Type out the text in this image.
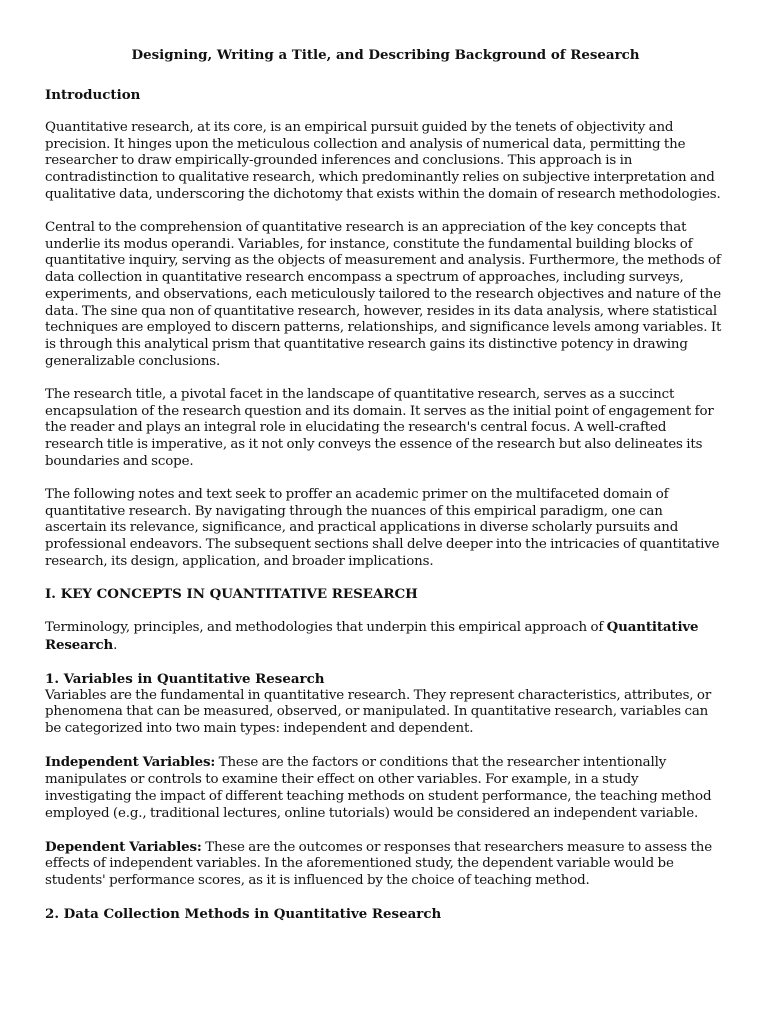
Designing, Writing a Title, and Describing Background of Research
Introduction

Quantitative research, at its core, is an empirical pursuit guided by the tenets of objectivity and precision. It hinges upon the meticulous collection and analysis of numerical data, permitting the researcher to draw empirically-grounded inferences and conclusions. This approach is in contradistinction to qualitative research, which predominantly relies on subjective interpretation and qualitative data, underscoring the dichotomy that exists within the domain of research methodologies.

Central to the comprehension of quantitative research is an appreciation of the key concepts that underlie its modus operandi. Variables, for instance, constitute the fundamental building blocks of quantitative inquiry, serving as the objects of measurement and analysis. Furthermore, the methods of data collection in quantitative research encompass a spectrum of approaches, including surveys, experiments, and observations, each meticulously tailored to the research objectives and nature of the data. The sine qua non of quantitative research, however, resides in its data analysis, where statistical techniques are employed to discern patterns, relationships, and significance levels among variables. It is through this analytical prism that quantitative research gains its distinctive potency in drawing generalizable conclusions.

The research title, a pivotal facet in the landscape of quantitative research, serves as a succinct encapsulation of the research question and its domain. It serves as the initial point of engagement for the reader and plays an integral role in elucidating the research's central focus. A well-crafted research title is imperative, as it not only conveys the essence of the research but also delineates its boundaries and scope.

The following notes and text seek to proffer an academic primer on the multifaceted domain of quantitative research. By navigating through the nuances of this empirical paradigm, one can ascertain its relevance, significance, and practical applications in diverse scholarly pursuits and professional endeavors. The subsequent sections shall delve deeper into the intricacies of quantitative research, its design, application, and broader implications.

I. KEY CONCEPTS IN QUANTITATIVE RESEARCH

Terminology, principles, and methodologies that underpin this empirical approach of Quantitative Research.

1. Variables in Quantitative Research

Variables are the fundamental in quantitative research. They represent characteristics, attributes, or phenomena that can be measured, observed, or manipulated. In quantitative research, variables can be categorized into two main types: independent and dependent.

Independent Variables: These are the factors or conditions that the researcher intentionally manipulates or controls to examine their effect on other variables. For example, in a study investigating the impact of different teaching methods on student performance, the teaching method employed (e.g., traditional lectures, online tutorials) would be considered an independent variable.

Dependent Variables: These are the outcomes or responses that researchers measure to assess the effects of independent variables. In the aforementioned study, the dependent variable would be students' performance scores, as it is influenced by the choice of teaching method.

2. Data Collection Methods in Quantitative Research
